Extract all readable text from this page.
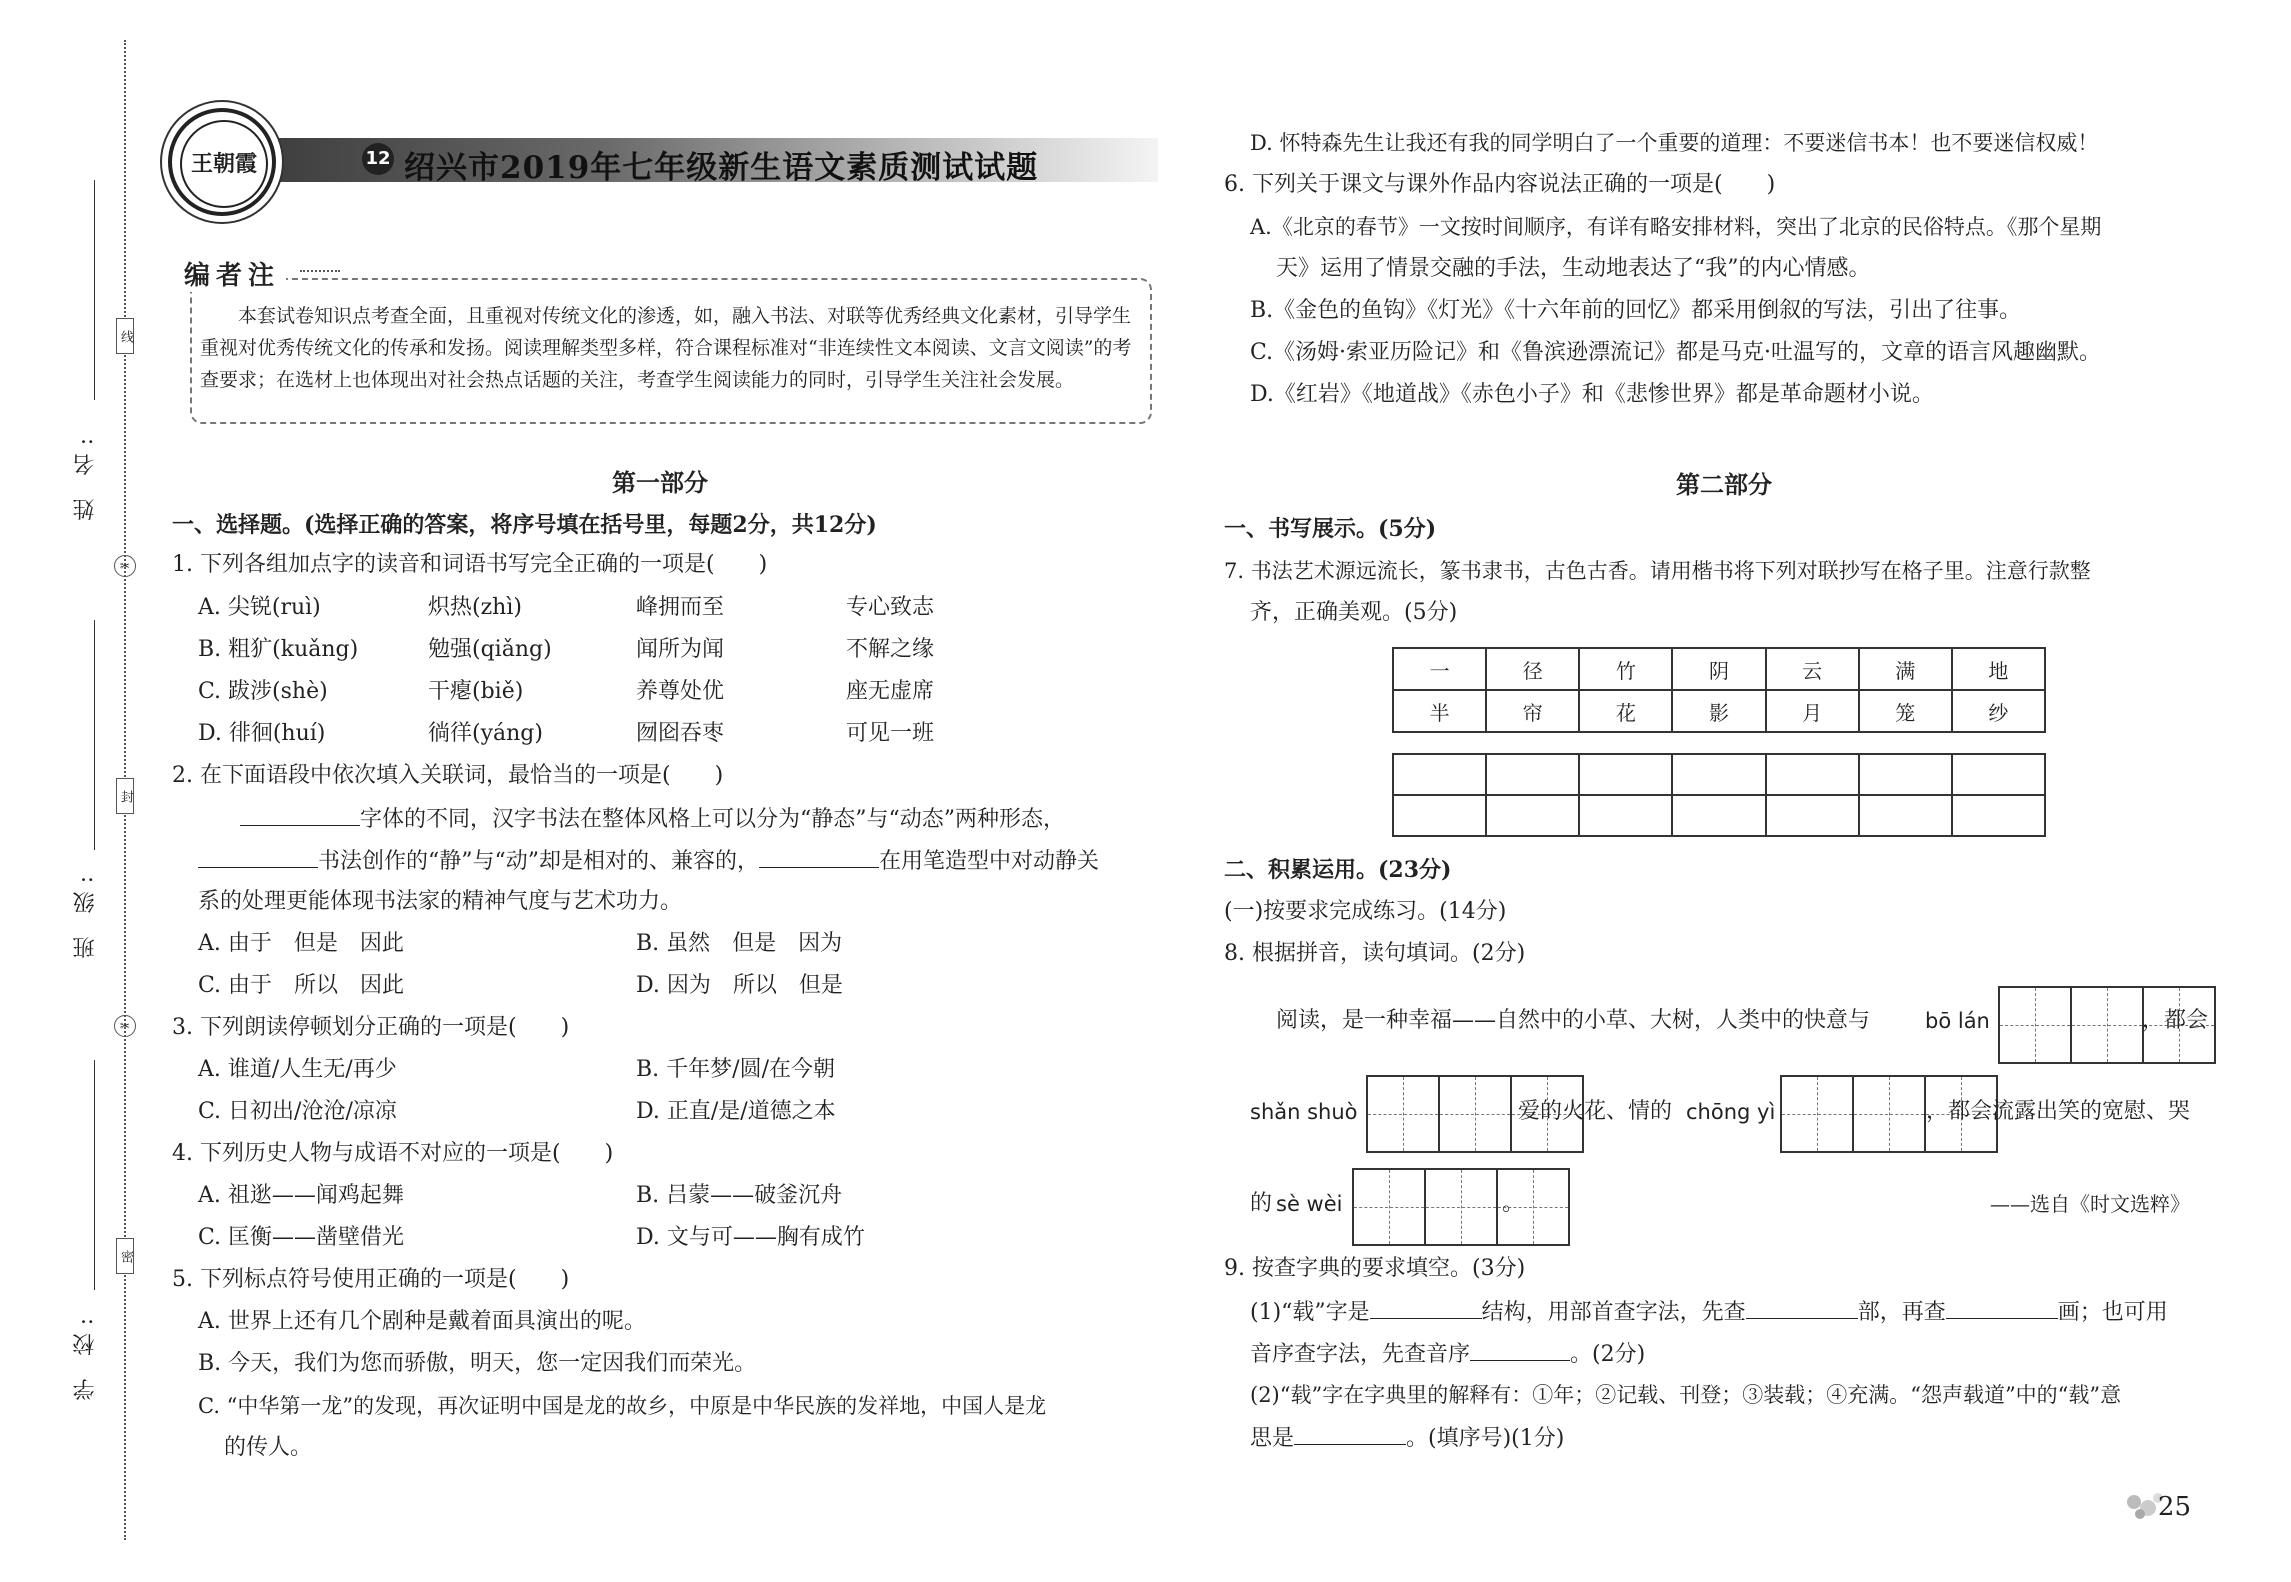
姓 名:
班 级:
学 校:
线
封
密
✂
✂
王朝霞	12 绍兴市2019年七年级新生语文素质测试试题
编者注
本套试卷知识点考查全面，且重视对传统文化的渗透，如，融入书法、对联等优秀经典文化素材，引导学生重视对优秀传统文化的传承和发扬。阅读理解类型多样，符合课程标准对“非连续性文本阅读、文言文阅读”的考查要求；在选材上也体现出对社会热点话题的关注，考查学生阅读能力的同时，引导学生关注社会发展。
第一部分
一、选择题。(选择正确的答案，将序号填在括号里，每题2分，共12分)
1. 下列各组加点字的读音和词语书写完全正确的一项是(　　)
A. 尖锐(ruì)	炽热(zhì)	峰拥而至	专心致志
B. 粗犷(kuǎng)	勉强(qiǎng)	闻所为闻	不解之缘
C. 跋涉(shè)	干瘪(biě)	养尊处优	座无虚席
D. 徘徊(huí)	徜徉(yáng)	囫囵吞枣	可见一班
2. 在下面语段中依次填入关联词，最恰当的一项是(　　)
字体的不同，汉字书法在整体风格上可以分为“静态”与“动态”两种形态，
书法创作的“静”与“动”却是相对的、兼容的，	在用笔造型中对动静关
系的处理更能体现书法家的精神气度与艺术功力。
A. 由于　但是　因此	B. 虽然　但是　因为
C. 由于　所以　因此	D. 因为　所以　但是
3. 下列朗读停顿划分正确的一项是(　　)
A. 谁道/人生无/再少	B. 千年梦/圆/在今朝
C. 日初出/沧沧/凉凉	D. 正直/是/道德之本
4. 下列历史人物与成语不对应的一项是(　　)
A. 祖逖——闻鸡起舞	B. 吕蒙——破釜沉舟
C. 匡衡——凿壁借光	D. 文与可——胸有成竹
5. 下列标点符号使用正确的一项是(　　)
A. 世界上还有几个剧种是戴着面具演出的呢。
B. 今天，我们为您而骄傲，明天，您一定因我们而荣光。
C. “中华第一龙”的发现，再次证明中国是龙的故乡，中原是中华民族的发祥地，中国人是龙
的传人。
D. 怀特森先生让我还有我的同学明白了一个重要的道理：不要迷信书本！也不要迷信权威！
6. 下列关于课文与课外作品内容说法正确的一项是(　　)
A.《北京的春节》一文按时间顺序，有详有略安排材料，突出了北京的民俗特点。《那个星期
天》运用了情景交融的手法，生动地表达了“我”的内心情感。
B.《金色的鱼钩》《灯光》《十六年前的回忆》都采用倒叙的写法，引出了往事。
C.《汤姆·索亚历险记》和《鲁滨逊漂流记》都是马克·吐温写的，文章的语言风趣幽默。
D.《红岩》《地道战》《赤色小子》和《悲惨世界》都是革命题材小说。
第二部分
一、书写展示。(5分)
7. 书法艺术源远流长，篆书隶书，古色古香。请用楷书将下列对联抄写在格子里。注意行款整
齐，正确美观。(5分)
一	径	竹	阴	云	满	地
半	帘	花	影	月	笼	纱

二、积累运用。(23分)
(一)按要求完成练习。(14分)
8. 根据拼音，读句填词。(2分)
阅读，是一种幸福——自然中的小草、大树，人类中的快意与	bō lán	，都会
shǎn shuò	爱的火花、情的 chōng yì	，都会流露出笑的宽慰、哭
的 sè wèi	。	——选自《时文选粹》
9. 按查字典的要求填空。(3分)
(1)“载”字是	结构，用部首查字法，先查	部，再查	画；也可用
音序查字法，先查音序	。(2分)
(2)“载”字在字典里的解释有：①年；②记载、刊登；③装载；④充满。“怨声载道”中的“载”意
思是	。(填序号)(1分)
25
